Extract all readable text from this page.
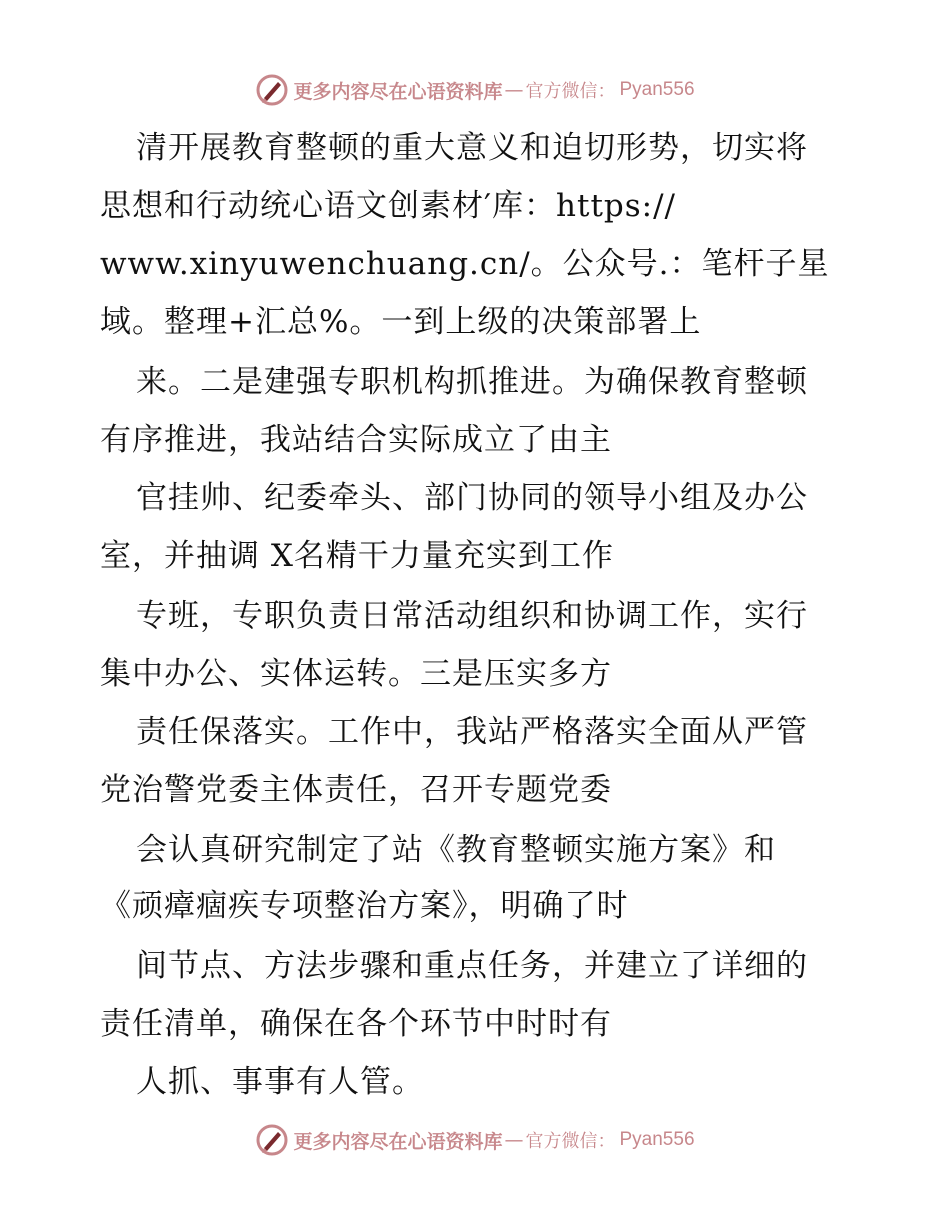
更多内容尽在心语资料库 — 官方微信： Pyan556
清开展教育整顿的重大意义和迫切形势，切实将
思想和行动统心语文创素材′库：https://
www.xinyuwenchuang.cn/。公众号.：笔杆子星
域。整理+汇总%。一到上级的决策部署上
来。二是建强专职机构抓推进。为确保教育整顿
有序推进，我站结合实际成立了由主
官挂帅、纪委牵头、部门协同的领导小组及办公
室，并抽调 X名精干力量充实到工作
专班，专职负责日常活动组织和协调工作，实行
集中办公、实体运转。三是压实多方
责任保落实。工作中，我站严格落实全面从严管
党治警党委主体责任，召开专题党委
会认真研究制定了站《教育整顿实施方案》和
《顽瘴痼疾专项整治方案》，明确了时
间节点、方法步骤和重点任务，并建立了详细的
责任清单，确保在各个环节中时时有
人抓、事事有人管。
更多内容尽在心语资料库 — 官方微信： Pyan556
